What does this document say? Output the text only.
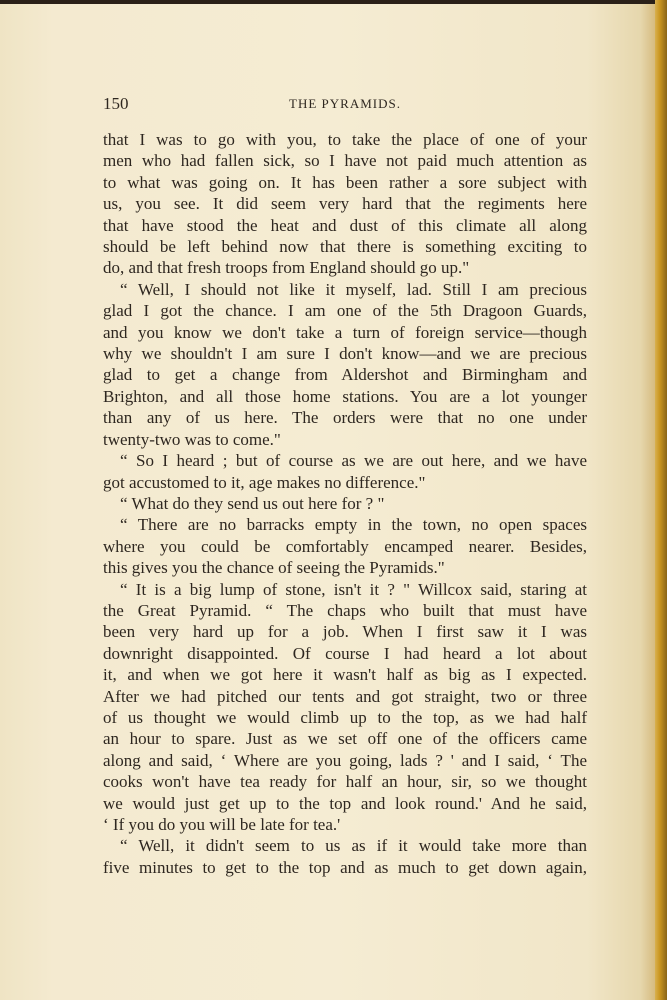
150	THE PYRAMIDS.

that I was to go with you, to take the place of one of your
men who had fallen sick, so I have not paid much attention as
to what was going on. It has been rather a sore subject with
us, you see. It did seem very hard that the regiments here
that have stood the heat and dust of this climate all along
should be left behind now that there is something exciting to

do, and that fresh troops from England should go up."

“ Well, I should not like it myself, lad. Still I am precious

glad I got the chance. I am one of the 5th Dragoon Guards,
and you know we don't take a turn of foreign service—though
why we shouldn't I am sure I don't know—and we are precious
glad to get a change from Aldershot and Birmingham and
Brighton, and all those home stations. You are a lot younger
than any of us here. The orders were that no one under

twenty-two was to come."

“ So I heard ; but of course as we are out here, and we have

got accustomed to it, age makes no difference."

“ What do they send us out here for ? "

“ There are no barracks empty in the town, no open spaces

where you could be comfortably encamped nearer. Besides,

this gives you the chance of seeing the Pyramids."

“ It is a big lump of stone, isn't it ? " Willcox said, staring at

the Great Pyramid. “ The chaps who built that must have
been very hard up for a job. When I first saw it I was
downright disappointed. Of course I had heard a lot about
it, and when we got here it wasn't half as big as I expected.
After we had pitched our tents and got straight, two or three
of us thought we would climb up to the top, as we had half
an hour to spare. Just as we set off one of the officers came
along and said, ‘ Where are you going, lads ? ' and I said, ‘ The
cooks won't have tea ready for half an hour, sir, so we thought
we would just get up to the top and look round.' And he said,

‘ If you do you will be late for tea.'

“ Well, it didn't seem to us as if it would take more than

five minutes to get to the top and as much to get down again,
